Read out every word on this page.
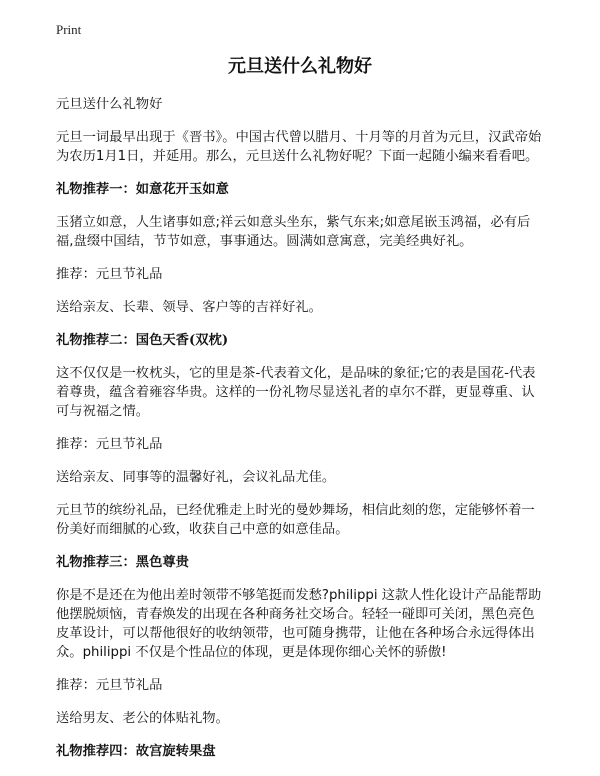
Print
元旦送什么礼物好

元旦送什么礼物好

元旦一词最早出现于《晋书》。中国古代曾以腊月、十月等的月首为元旦，汉武帝始为农历1月1日，并延用。那么，元旦送什么礼物好呢？下面一起随小编来看看吧。

礼物推荐一：如意花开玉如意

玉猪立如意，人生诸事如意;祥云如意头坐东，紫气东来;如意尾嵌玉鸿福，必有后福,盘缀中国结，节节如意，事事通达。圆满如意寓意，完美经典好礼。

推荐：元旦节礼品

送给亲友、长辈、领导、客户等的吉祥好礼。

礼物推荐二：国色天香(双枕)

这不仅仅是一枚枕头，它的里是茶-代表着文化，是品味的象征;它的表是国花-代表着尊贵，蕴含着雍容华贵。这样的一份礼物尽显送礼者的卓尔不群，更显尊重、认可与祝福之情。

推荐：元旦节礼品

送给亲友、同事等的温馨好礼，会议礼品尤佳。

元旦节的缤纷礼品，已经优雅走上时光的曼妙舞场，相信此刻的您，定能够怀着一份美好而细腻的心致，收获自己中意的如意佳品。

礼物推荐三：黑色尊贵

你是不是还在为他出差时领带不够笔挺而发愁?philippi 这款人性化设计产品能帮助他摆脱烦恼，青春焕发的出现在各种商务社交场合。轻轻一碰即可关闭，黑色亮色皮革设计，可以帮他很好的收纳领带，也可随身携带，让他在各种场合永远得体出众。philippi 不仅是个性品位的体现，更是体现你细心关怀的骄傲!

推荐：元旦节礼品

送给男友、老公的体贴礼物。

礼物推荐四：故宫旋转果盘
